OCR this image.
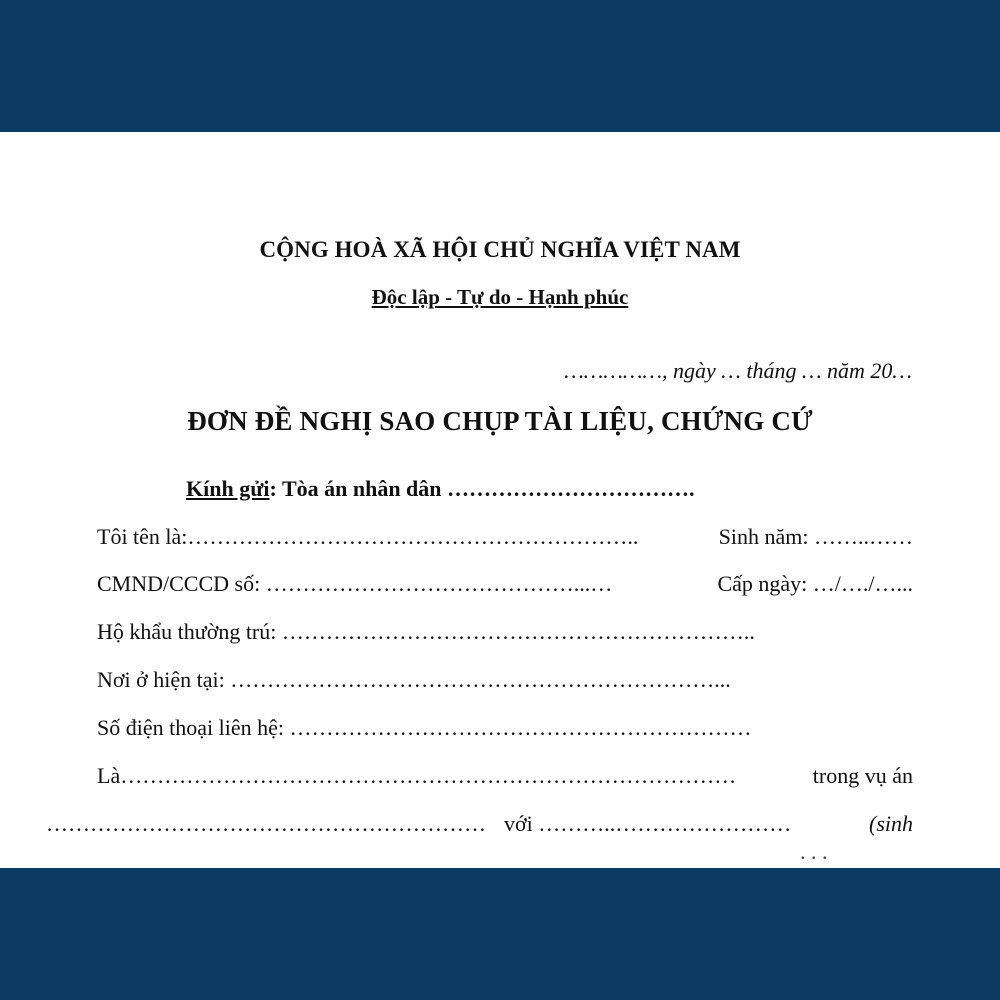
CỘNG HOÀ XÃ HỘI CHỦ NGHĨA VIỆT NAM
Độc lập - Tự do - Hạnh phúc
……………, ngày … tháng … năm 20…
ĐƠN ĐỀ NGHỊ SAO CHỤP TÀI LIỆU, CHỨNG CỨ
Kính gửi: Tòa án nhân dân …………………………….
Tôi tên là:……………………………………………………..	Sinh năm: ……..……
CMND/CCCD số: ……………………………………...…	Cấp ngày: …/…./…...
Hộ khẩu thường trú: ………………………………………………………..
Nơi ở hiện tại: …………………………………………………………...
Số điện thoại liên hệ: ………………………………………………………
Là…………………………………………………………………………	trong vụ án
…………………………………………………… với ………..……………………	(sinh
. . .
